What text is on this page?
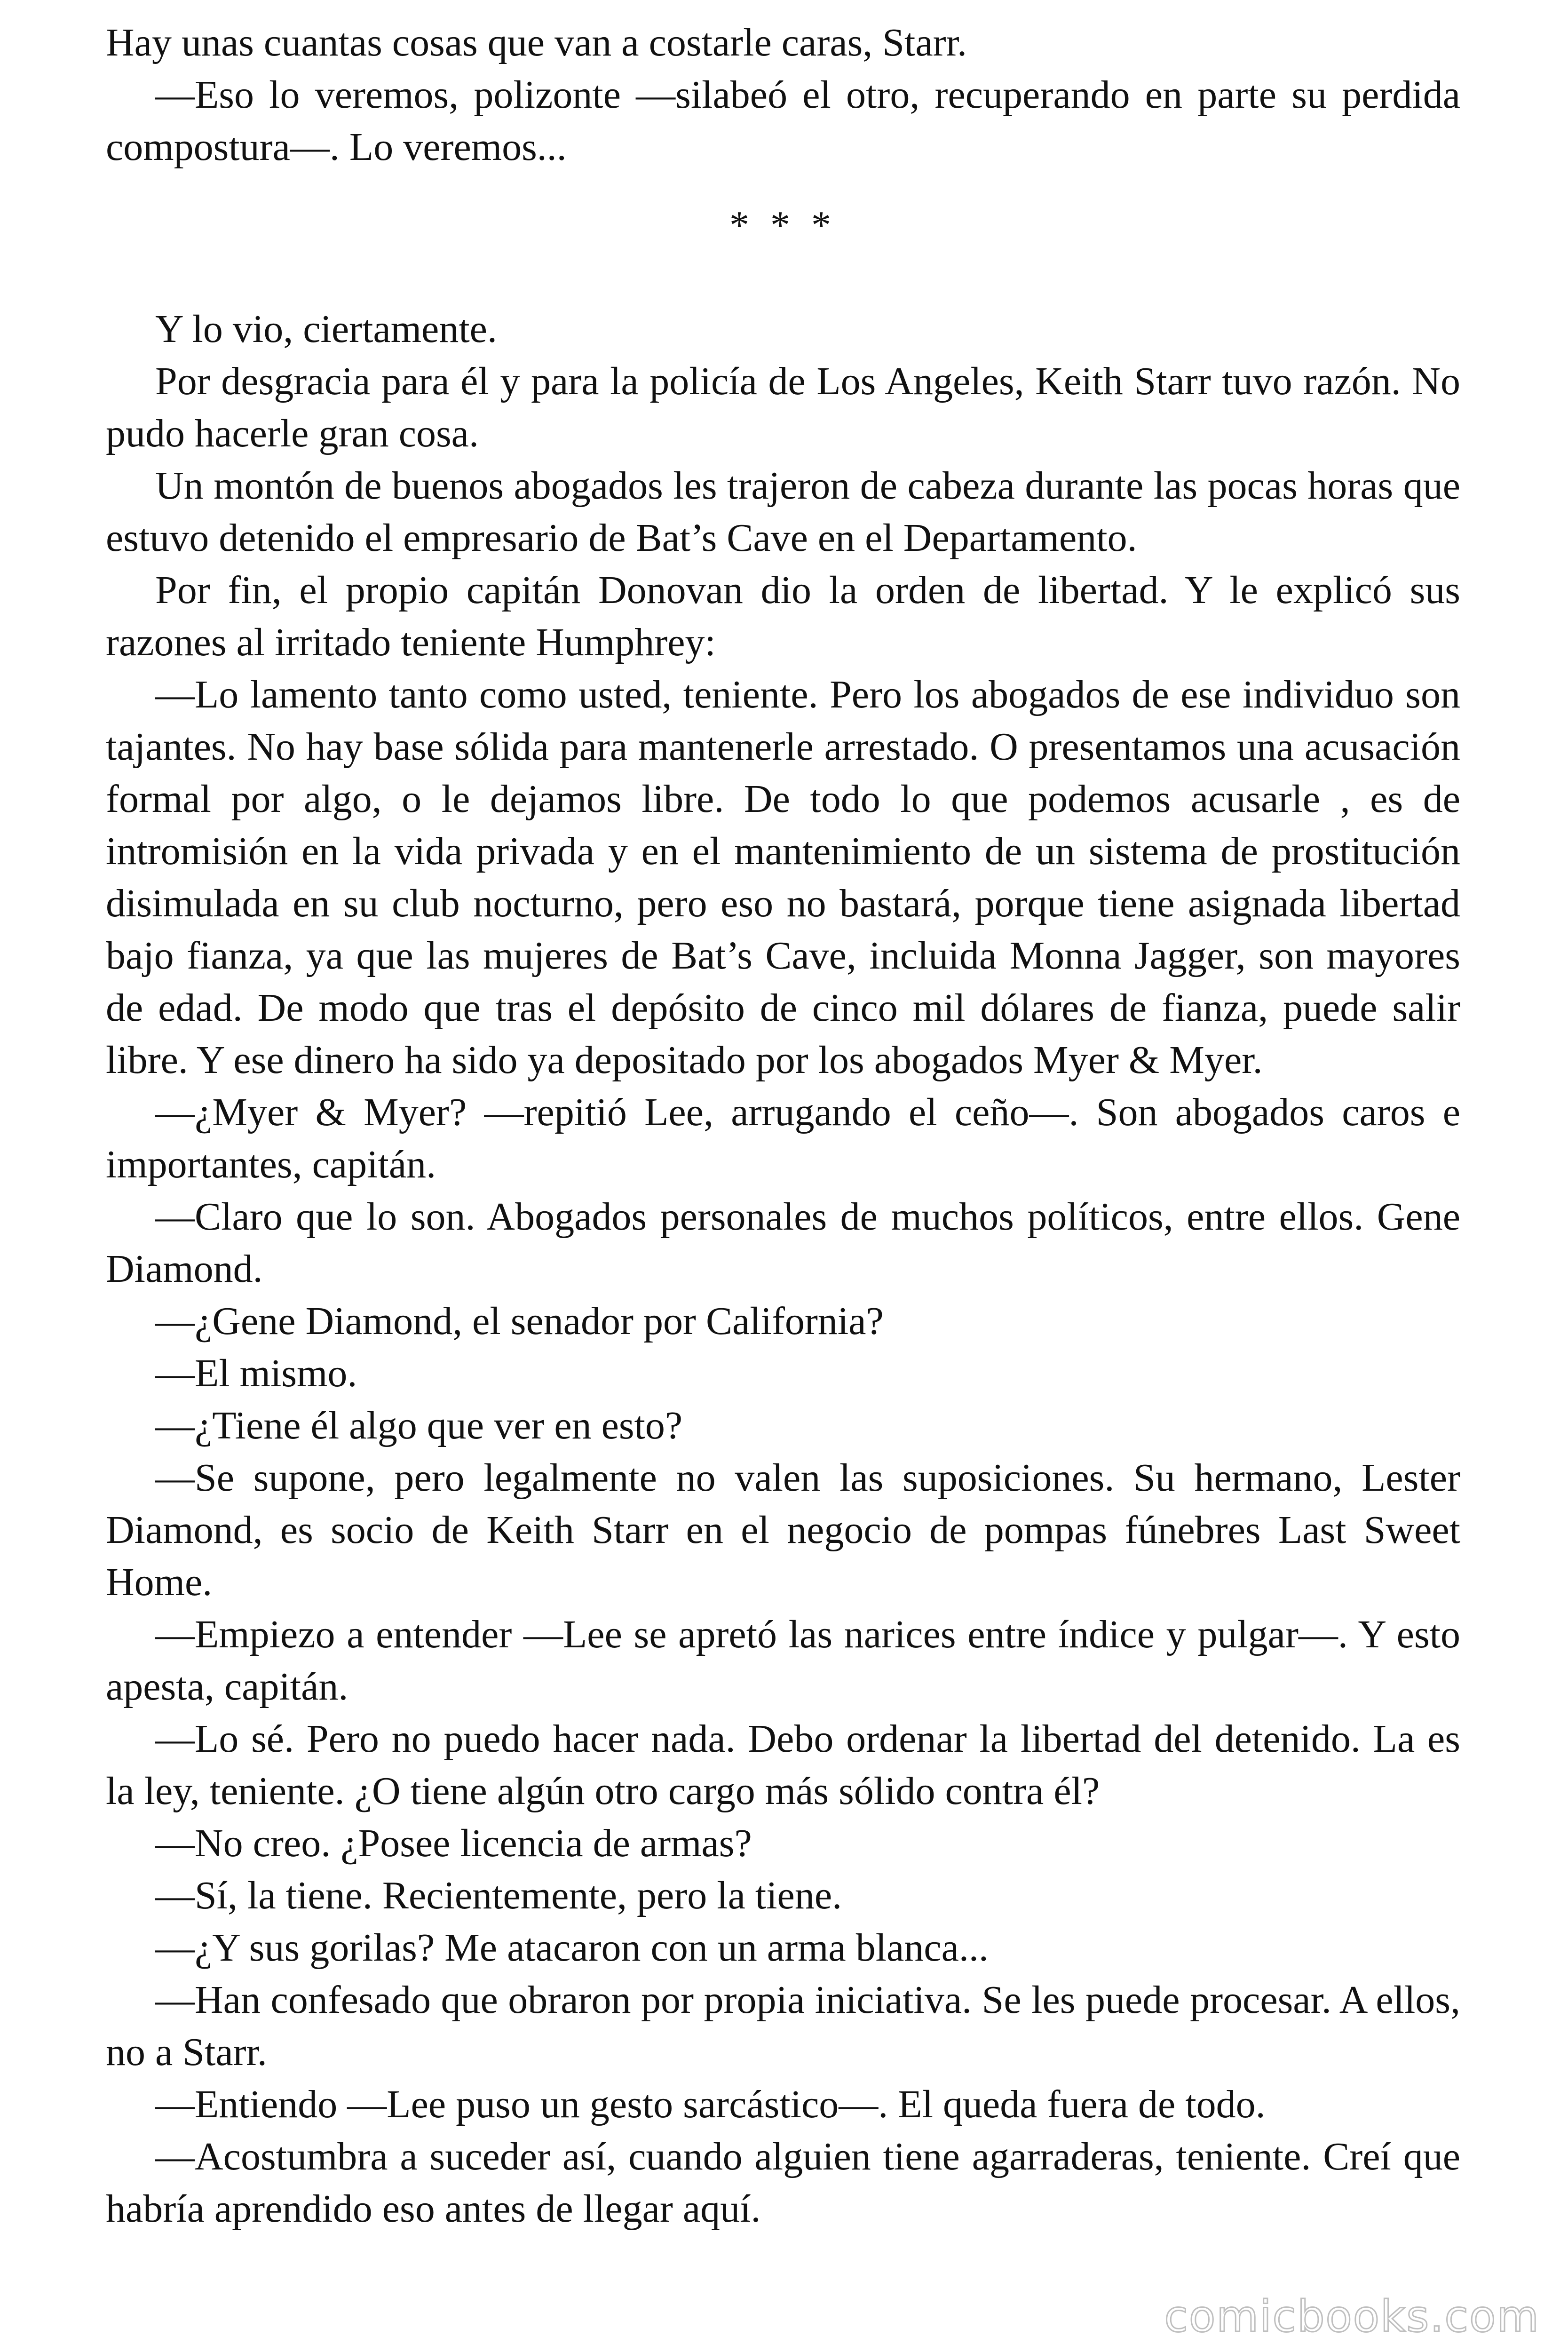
Hay unas cuantas cosas que van a costarle caras, Starr.

—Eso lo veremos, polizonte —silabeó el otro, recuperando en parte su perdida compostura—. Lo veremos...

* * *

Y lo vio, ciertamente.

Por desgracia para él y para la policía de Los Angeles, Keith Starr tuvo razón. No pudo hacerle gran cosa.

Un montón de buenos abogados les trajeron de cabeza durante las pocas horas que estuvo detenido el empresario de Bat’s Cave en el Departamento.

Por fin, el propio capitán Donovan dio la orden de libertad. Y le explicó sus razones al irritado teniente Humphrey:

—Lo lamento tanto como usted, teniente. Pero los abogados de ese individuo son tajantes. No hay base sólida para mantenerle arrestado. O presentamos una acusación formal por algo, o le dejamos libre. De todo lo que podemos acusarle , es de intromisión en la vida privada y en el mantenimiento de un sistema de prostitución disimulada en su club nocturno, pero eso no bastará, porque tiene asignada libertad bajo fianza, ya que las mujeres de Bat’s Cave, incluida Monna Jagger, son mayores de edad. De modo que tras el depósito de cinco mil dólares de fianza, puede salir libre. Y ese dinero ha sido ya depositado por los abogados Myer & Myer.

—¿Myer & Myer? —repitió Lee, arrugando el ceño—. Son abogados caros e importantes, capitán.

—Claro que lo son. Abogados personales de muchos políticos, entre ellos. Gene Diamond.

—¿Gene Diamond, el senador por California?

—El mismo.

—¿Tiene él algo que ver en esto?

—Se supone, pero legalmente no valen las suposiciones. Su hermano, Lester Diamond, es socio de Keith Starr en el negocio de pompas fúnebres Last Sweet Home.

—Empiezo a entender —Lee se apretó las narices entre índice y pulgar—. Y esto apesta, capitán.

—Lo sé. Pero no puedo hacer nada. Debo ordenar la libertad del detenido. La es la ley, teniente. ¿O tiene algún otro cargo más sólido contra él?

—No creo. ¿Posee licencia de armas?

—Sí, la tiene. Recientemente, pero la tiene.

—¿Y sus gorilas? Me atacaron con un arma blanca...

—Han confesado que obraron por propia iniciativa. Se les puede procesar. A ellos, no a Starr.

—Entiendo —Lee puso un gesto sarcástico—. El queda fuera de todo.

—Acostumbra a suceder así, cuando alguien tiene agarraderas, teniente. Creí que habría aprendido eso antes de llegar aquí.

comicbooks.com
